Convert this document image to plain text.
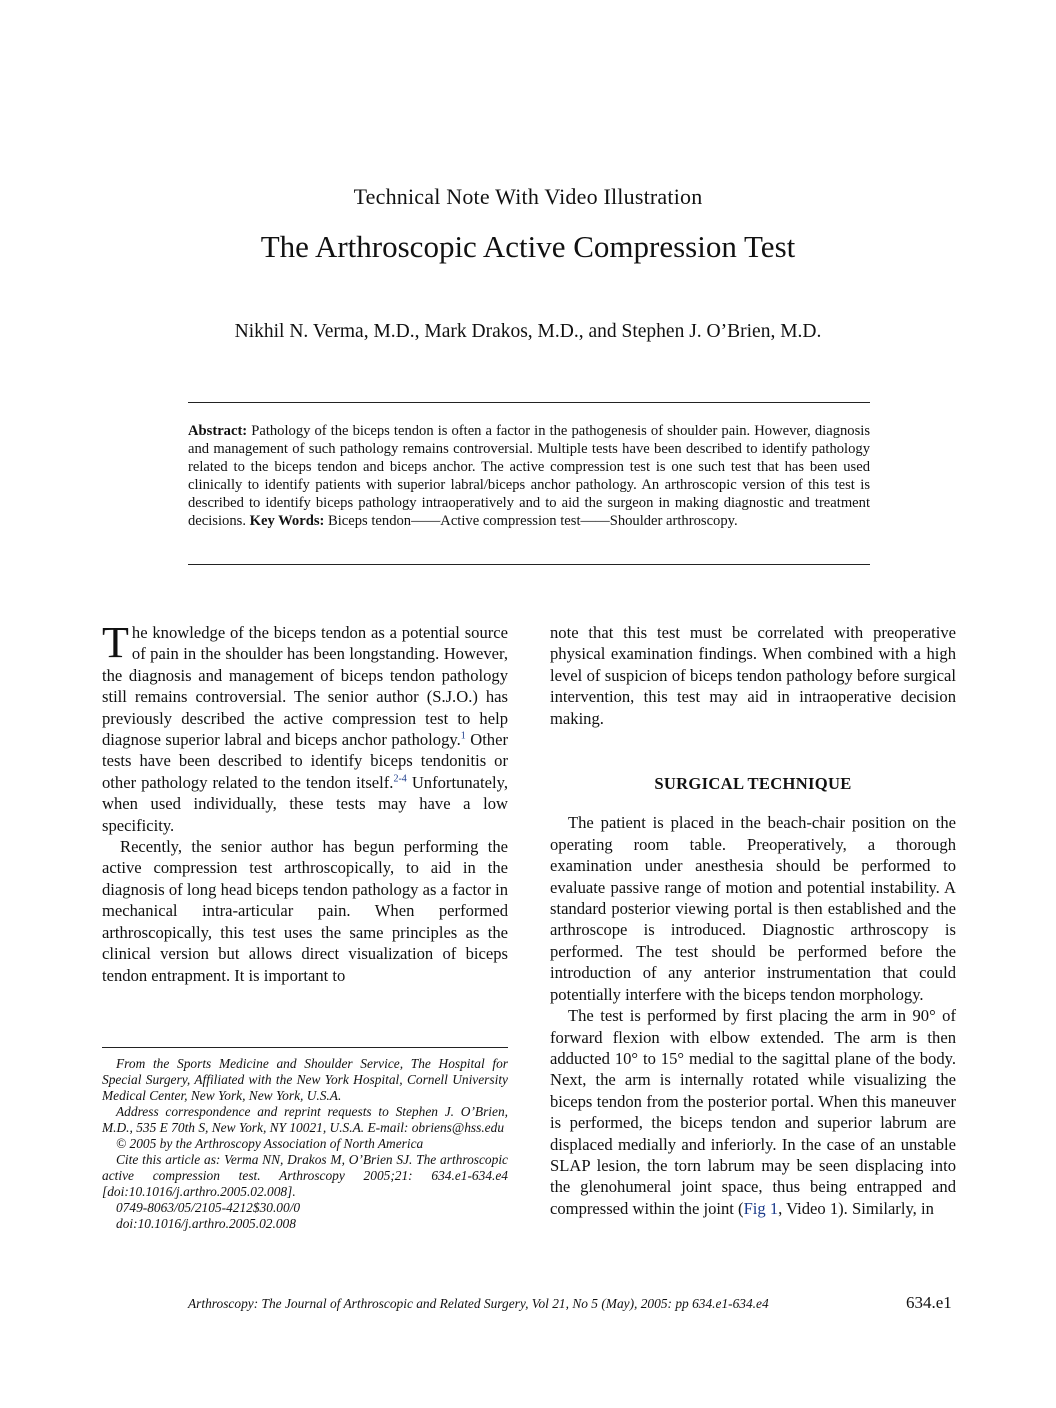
Technical Note With Video Illustration
The Arthroscopic Active Compression Test
Nikhil N. Verma, M.D., Mark Drakos, M.D., and Stephen J. O’Brien, M.D.
Abstract: Pathology of the biceps tendon is often a factor in the pathogenesis of shoulder pain. However, diagnosis and management of such pathology remains controversial. Multiple tests have been described to identify pathology related to the biceps tendon and biceps anchor. The active compression test is one such test that has been used clinically to identify patients with superior labral/biceps anchor pathology. An arthroscopic version of this test is described to identify biceps pathology intraoperatively and to aid the surgeon in making diagnostic and treatment decisions. Key Words: Biceps tendon——Active compression test——Shoulder arthroscopy.

The knowledge of the biceps tendon as a potential source of pain in the shoulder has been longstanding. However, the diagnosis and management of biceps tendon pathology still remains controversial. The senior author (S.J.O.) has previously described the active compression test to help diagnose superior labral and biceps anchor pathology.$^1$ Other tests have been described to identify biceps tendonitis or other pathology related to the tendon itself.$^{2-4}$ Unfortunately, when used individually, these tests may have a low specificity.

Recently, the senior author has begun performing the active compression test arthroscopically, to aid in the diagnosis of long head biceps tendon pathology as a factor in mechanical intra-articular pain. When performed arthroscopically, this test uses the same principles as the clinical version but allows direct visualization of biceps tendon entrapment. It is important to

note that this test must be correlated with preoperative physical examination findings. When combined with a high level of suspicion of biceps tendon pathology before surgical intervention, this test may aid in intraoperative decision making.

SURGICAL TECHNIQUE

The patient is placed in the beach-chair position on the operating room table. Preoperatively, a thorough examination under anesthesia should be performed to evaluate passive range of motion and potential instability. A standard posterior viewing portal is then established and the arthroscope is introduced. Diagnostic arthroscopy is performed. The test should be performed before the introduction of any anterior instrumentation that could potentially interfere with the biceps tendon morphology.

The test is performed by first placing the arm in 90° of forward flexion with elbow extended. The arm is then adducted 10° to 15° medial to the sagittal plane of the body. Next, the arm is internally rotated while visualizing the biceps tendon from the posterior portal. When this maneuver is performed, the biceps tendon and superior labrum are displaced medially and inferiorly. In the case of an unstable SLAP lesion, the torn labrum may be seen displacing into the glenohumeral joint space, thus being entrapped and compressed within the joint (Fig 1, Video 1). Similarly, in

From the Sports Medicine and Shoulder Service, The Hospital for Special Surgery, Affiliated with the New York Hospital, Cornell University Medical Center, New York, New York, U.S.A.

Address correspondence and reprint requests to Stephen J. O’Brien, M.D., 535 E 70th S, New York, NY 10021, U.S.A. E-mail: obriens@hss.edu

© 2005 by the Arthroscopy Association of North America

Cite this article as: Verma NN, Drakos M, O’Brien SJ. The arthroscopic active compression test. Arthroscopy 2005;21: 634.e1-634.e4 [doi:10.1016/j.arthro.2005.02.008].

0749-8063/05/2105-4212$30.00/0

doi:10.1016/j.arthro.2005.02.008

Arthroscopy: The Journal of Arthroscopic and Related Surgery, Vol 21, No 5 (May), 2005: pp 634.e1-634.e4	634.e1
